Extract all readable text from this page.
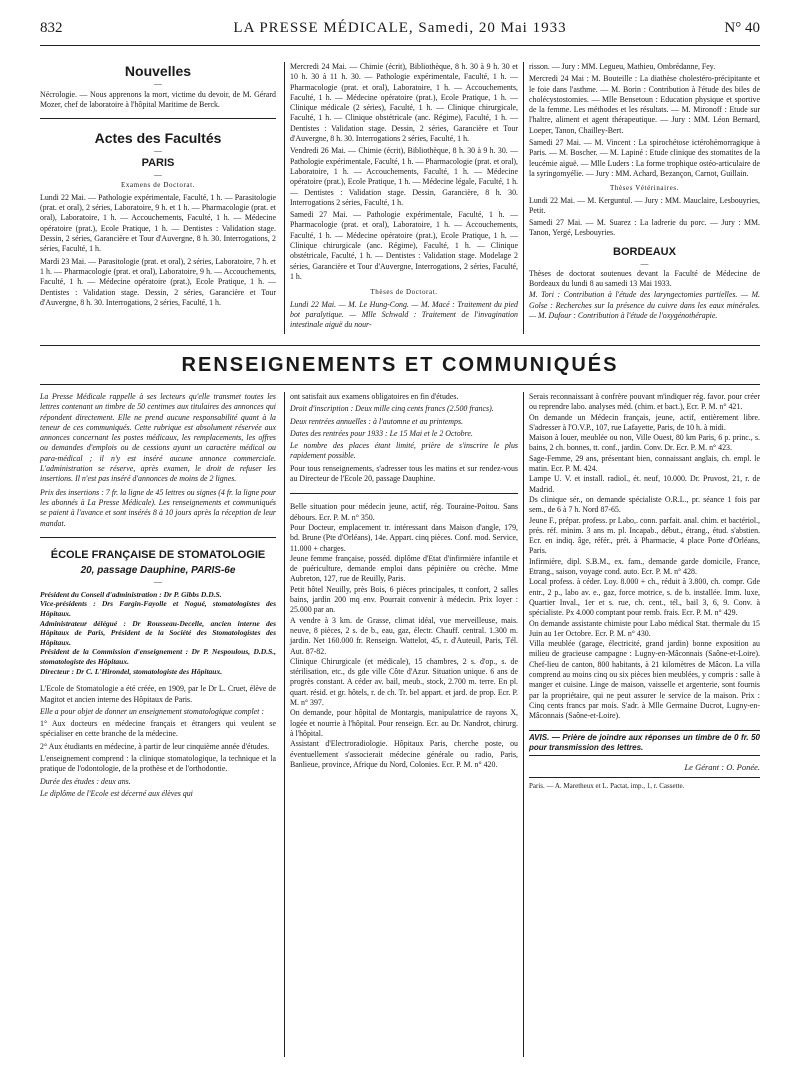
832	LA PRESSE MÉDICALE, Samedi, 20 Mai 1933	N° 40
Nouvelles
—

Nécrologie. — Nous apprenons la mort, victime du devoir, de M. Gérard Mozer, chef de laboratoire à l'hôpital Maritime de Berck.

Actes des Facultés
—
PARIS
—
Examens de Doctorat.

Lundi 22 Mai. — Pathologie expérimentale, Faculté, 1 h. — Parasitologie (prat. et oral), 2 séries, Laboratoire, 9 h. et 1 h. — Pharmacologie (prat. et oral), Laboratoire, 1 h. — Accouchements, Faculté, 1 h. — Médecine opératoire (prat.), Ecole Pratique, 1 h. — Dentistes : Validation stage. Dessin, 2 séries, Garancière et Tour d'Auvergne, 8 h. 30. Interrogations, 2 séries, Faculté, 1 h.

Mardi 23 Mai. — Parasitologie (prat. et oral), 2 séries, Laboratoire, 7 h. et 1 h. — Pharmacologie (prat. et oral), Laboratoire, 9 h. — Accouchements, Faculté, 1 h. — Médecine opératoire (prat.), Ecole Pratique, 1 h. — Dentistes : Validation stage. Dessin, 2 séries, Garancière et Tour d'Auvergne, 8 h. 30. Interrogations, 2 séries, Faculté, 1 h.

Mercredi 24 Mai. — Chimie (écrit), Bibliothèque, 8 h. 30 à 9 h. 30 et 10 h. 30 à 11 h. 30. — Pathologie expérimentale, Faculté, 1 h. — Pharmacologie (prat. et oral), Laboratoire, 1 h. — Accouchements, Faculté, 1 h. — Médecine opératoire (prat.), Ecole Pratique, 1 h. — Clinique médicale (2 séries), Faculté, 1 h. — Clinique chirurgicale, Faculté, 1 h. — Clinique obstétricale (anc. Régime), Faculté, 1 h. — Dentistes : Validation stage. Dessin, 2 séries, Garancière et Tour d'Auvergne, 8 h. 30. Interrogations 2 séries, Faculté, 1 h.

Vendredi 26 Mai. — Chimie (écrit), Bibliothèque, 8 h. 30 à 9 h. 30. — Pathologie expérimentale, Faculté, 1 h. — Pharmacologie (prat. et oral), Laboratoire, 1 h. — Accouchements, Faculté, 1 h. — Médecine opératoire (prat.), Ecole Pratique, 1 h. — Médecine légale, Faculté, 1 h. — Dentistes : Validation stage. Dessin, Garancière, 8 h. 30. Interrogations 2 séries, Faculté, 1 h.

Samedi 27 Mai. — Pathologie expérimentale, Faculté, 1 h. — Pharmacologie (prat. et oral), Laboratoire, 1 h. — Accouchements, Faculté, 1 h. — Médecine opératoire (prat.), Ecole Pratique, 1 h. — Clinique chirurgicale (anc. Régime), Faculté, 1 h. — Clinique obstétricale, Faculté, 1 h. — Dentistes : Validation stage. Modelage 2 séries, Garancière et Tour d'Auvergne, Interrogations, 2 séries, Faculté, 1 h.

Thèses de Doctorat.

Lundi 22 Mai. — M. Le Hung-Cong. — M. Macé : Traitement du pied bot paralytique. — Mlle Schwald : Traitement de l'invagination intestinale aiguë du nour-

risson. — Jury : MM. Legueu, Mathieu, Ombrédanne, Fey.

Mercredi 24 Mai : M. Bouteille : La diathèse cholestéro-précipitante et le foie dans l'asthme. — M. Borin : Contribution à l'étude des biles de cholécystostomies. — Mlle Bensetoun : Education physique et sportive de la femme. Les méthodes et les résultats. — M. Mironoff : Etude sur l'haltre, aliment et agent thérapeutique. — Jury : MM. Léon Bernard, Loeper, Tanon, Chailley-Bert.

Samedi 27 Mai. — M. Vincent : La spirochétose ictérohémorragique à Paris. — M. Boscher. — M. Lapiné : Etude clinique des stomatites de la leucémie aiguë. — Mlle Luders : La forme trophique ostéo-articulaire de la syringomyélie. — Jury : MM. Achard, Bezançon, Carnot, Guillain.

Thèses Vétérinaires.

Lundi 22 Mai. — M. Kerguntul. — Jury : MM. Mauclaire, Lesbouyries, Petit.

Samedi 27 Mai. — M. Suarez : La ladrerie du porc. — Jury : MM. Tanon, Yergé, Lesbouyries.

BORDEAUX
—

Thèses de doctorat soutenues devant la Faculté de Médecine de Bordeaux du lundi 8 au samedi 13 Mai 1933.

M. Tori : Contribution à l'étude des laryngectomies partielles. — M. Golse : Recherches sur la présence du cuivre dans les eaux minérales. — M. Dufour : Contribution à l'étude de l'oxygénothérapie.

RENSEIGNEMENTS ET COMMUNIQUÉS

La Presse Médicale rappelle à ses lecteurs qu'elle transmet toutes les lettres contenant un timbre de 50 centimes aux titulaires des annonces qui répondent directement. Elle ne prend aucune responsabilité quant à la teneur de ces communiqués. Cette rubrique est absolument réservée aux annonces concernant les postes médicaux, les remplacements, les offres ou demandes d'emplois ou de cessions ayant un caractère médical ou para-médical ; il n'y est inséré aucune annonce commerciale. L'administration se réserve, après examen, le droit de refuser les insertions. Il n'est pas inséré d'annonces de moins de 2 lignes.

Prix des insertions : 7 fr. la ligne de 45 lettres ou signes (4 fr. la ligne pour les abonnés à La Presse Médicale). Les renseignements et communiqués se paient à l'avance et sont insérés 8 à 10 jours après la réception de leur mandat.

ÉCOLE FRANÇAISE DE STOMATOLOGIE
20, passage Dauphine, PARIS-6e
—

Président du Conseil d'administration : Dr P. Gibbs D.D.S.

Vice-présidents : Drs Fargin-Fayolle et Nogué, stomatologistes des Hôpitaux.

Administrateur délégué : Dr Rousseau-Decelle, ancien interne des Hôpitaux de Paris, Président de la Société des Stomatologistes des Hôpitaux.

Président de la Commission d'enseignement : Dr P. Nespoulous, D.D.S., stomatologiste des Hôpitaux.

Directeur : Dr C. L'Hirondel, stomatologiste des Hôpitaux.

L'Ecole de Stomatologie a été créée, en 1909, par le Dr L. Cruet, élève de Magitot et ancien interne des Hôpitaux de Paris.

Elle a pour objet de donner un enseignement stomatologique complet :

1° Aux docteurs en médecine français et étrangers qui veulent se spécialiser en cette branche de la médecine.

2° Aux étudiants en médecine, à partir de leur cinquième année d'études.

L'enseignement comprend : la clinique stomatologique, la technique et la pratique de l'odontologie, de la prothèse et de l'orthodontie.

Durée des études : deux ans.

Le diplôme de l'Ecole est décerné aux élèves qui

ont satisfait aux examens obligatoires en fin d'études.

Droit d'inscription : Deux mille cinq cents francs (2.500 francs).

Deux rentrées annuelles : à l'automne et au printemps.

Dates des rentrées pour 1933 : Le 15 Mai et le 2 Octobre.

Le nombre des places étant limité, prière de s'inscrire le plus rapidement possible.

Pour tous renseignements, s'adresser tous les matins et sur rendez-vous au Directeur de l'Ecole 20, passage Dauphine.

Belle situation pour médecin jeune, actif, rég. Touraine-Poitou. Sans débours. Ecr. P. M. n° 350.

Pour Docteur, emplacement tr. intéressant dans Maison d'angle, 179, bd. Brune (Pte d'Orléans), 14e. Appart. cinq pièces. Conf. mod. Service, 11.000 + charges.

Jeune femme française, posséd. diplôme d'Etat d'infirmière infantile et de puériculture, demande emploi dans pépinière ou crèche. Mme Aubreton, 127, rue de Reuilly, Paris.

Petit hôtel Neuilly, près Bois, 6 pièces principales, tt confort, 2 salles bains, jardin 200 mq env. Pourrait convenir à médecin. Prix loyer : 25.000 par an.

A vendre à 3 km. de Grasse, climat idéal, vue merveilleuse, mais. neuve, 8 pièces, 2 s. de b., eau, gaz, électr. Chauff. central. 1.300 m. jardin. Net 160.000 fr. Renseign. Wattelot, 45, r. d'Auteuil, Paris, Tél. Aut. 87-82.

Clinique Chirurgicale (et médicale), 15 chambres, 2 s. d'op., s. de stérilisation, etc., ds gde ville Côte d'Azur. Situation unique. 6 ans de progrès constant. A céder av. bail, meub., stock, 2.700 m. terre. En pl. quart. résid. et gr. hôtels, r. de ch. Tr. bel appart. et jard. de prop. Ecr. P. M. n° 397.

On demande, pour hôpital de Montargis, manipulatrice de rayons X, logée et nourrie à l'hôpital. Pour renseign. Ecr. au Dr. Nandrot, chirurg. à l'hôpital.

Assistant d'Electroradiologie. Hôpitaux Paris, cherche poste, ou éventuellement s'associerait médecine générale ou radio, Paris, Banlieue, province, Afrique du Nord, Colonies. Ecr. P. M. n° 420.

Serais reconnaissant à confrère pouvant m'indiquer rég. favor. pour créer ou reprendre labo. analyses méd. (chim. et bact.), Ecr. P. M. n° 421.

On demande un Médecin français, jeune, actif, entièrement libre. S'adresser à l'O.V.P., 107, rue Lafayette, Paris, de 10 h. à midi.

Maison à louer, meublée ou non, Ville Ouest, 80 km Paris, 6 p. princ., s. bains, 2 ch. bonnes, tt. conf., jardin. Conv. Dr. Ecr. P. M. n° 423.

Sage-Femme, 29 ans, présentant bien, connaissant anglais, ch. empl. le matin. Ecr. P. M. 424.

Lampe U. V. et install. radiol., ét. neuf, 10.000. Dr. Pruvost, 21, r. de Madrid.

Ds clinique sér., on demande spécialiste O.R.L., pr. séance 1 fois par sem., de 6 à 7 h. Nord 87-65.

Jeune F., prépar. profess. pr Labo,. conn. parfait. anal. chim. et bactériol., prés. réf. minim. 3 ans m. pl. Incapab., début., étrang., étud. s'abstien. Ecr. en indiq. âge, référ., prét. à Pharmacie, 4 place Porte d'Orléans, Paris.

Infirmière, dipl. S.B.M., ex. fam., demande garde domicile, France, Etrang., saison, voyage cond. auto. Ecr. P. M. n° 428.

Local profess. à céder. Loy. 8.000 + ch., réduit à 3.800, ch. compr. Gde entr., 2 p., labo av. e., gaz, force motrice, s. de b. installée. Imm. luxe, Quartier Inval., 1er et s. rue, ch. cent., tél., bail 3, 6, 9. Conv. à spécialiste. Px 4.000 comptant pour remb. frais. Ecr. P. M. n° 429.

On demande assistante chimiste pour Labo médical Stat. thermale du 15 Juin au 1er Octobre. Ecr. P. M. n° 430.

Villa meublée (garage, électricité, grand jardin) bonne exposition au milieu de gracieuse campagne : Lugny-en-Mâconnais (Saône-et-Loire). Chef-lieu de canton, 800 habitants, à 21 kilomètres de Mâcon. La villa comprend au moins cinq ou six pièces bien meublées, y compris : salle à manger et cuisine. Linge de maison, vaisselle et argenterie, sont fournis par la propriétaire, qui ne peut assurer le service de la maison. Prix : Cinq cents francs par mois. S'adr. à Mlle Germaine Ducrot, Lugny-en-Mâconnais (Saône-et-Loire).

AVIS. — Prière de joindre aux réponses un timbre de 0 fr. 50 pour transmission des lettres.

Le Gérant : O. Ponée.

Paris. — A. Maretheux et L. Pactat, imp., 1, r. Cassette.
